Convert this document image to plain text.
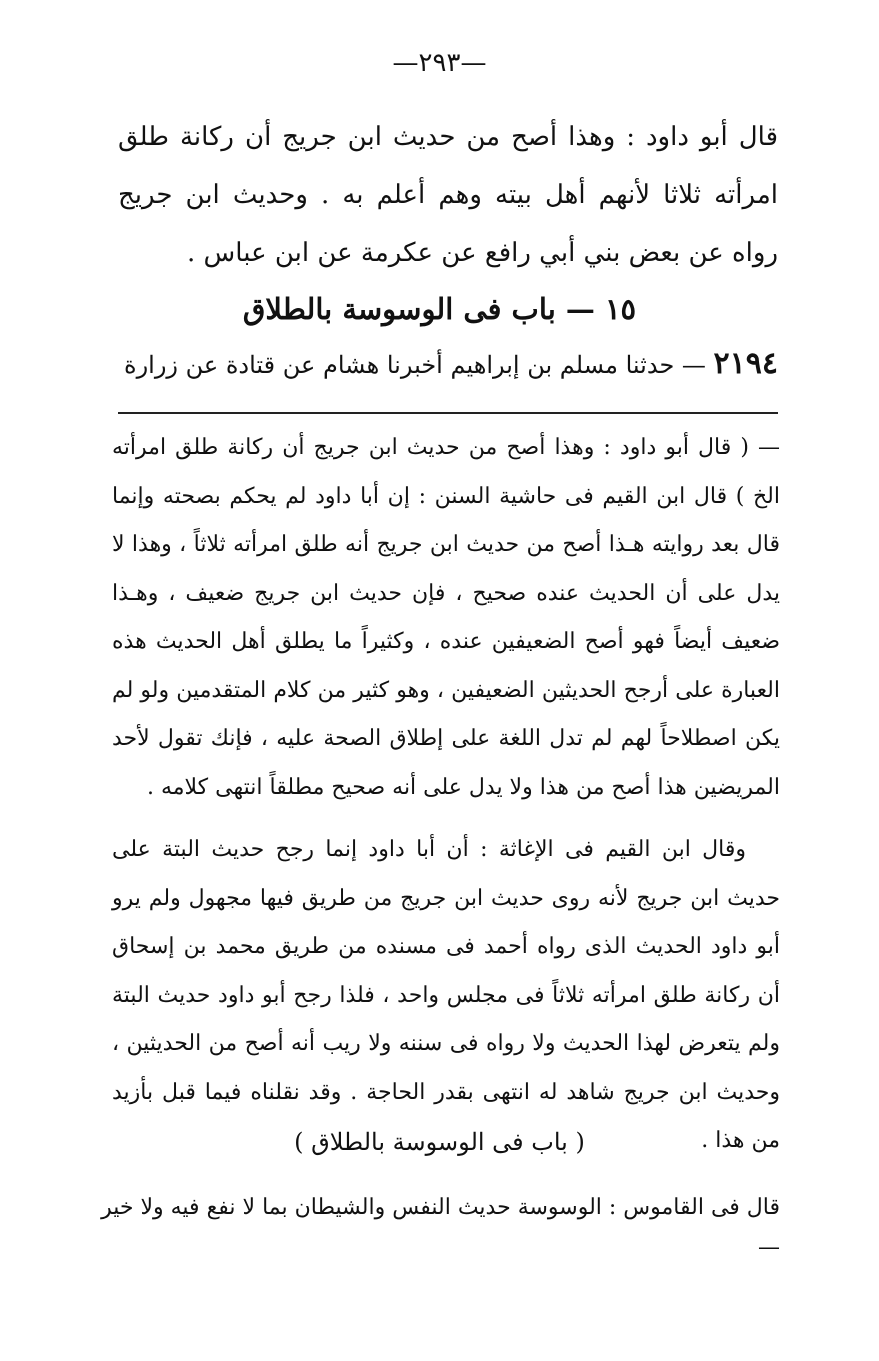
—٢٩٣—
قال أبو داود : وهذا أصح من حديث ابن جريج أن ركانة طلق امرأته ثلاثا لأنهم أهل بيته وهم أعلم به . وحديث ابن جريج رواه عن بعض بني أبي رافع عن عكرمة عن ابن عباس .
١٥ — باب فى الوسوسة بالطلاق
٢١٩٤ — حدثنا مسلم بن إبراهيم أخبرنا هشام عن قتادة عن زرارة

— ( قال أبو داود : وهذا أصح من حديث ابن جريج أن ركانة طلق امرأته الخ ) قال ابن القيم فى حاشية السنن : إن أبا داود لم يحكم بصحته وإنما قال بعد روايته هـذا أصح من حديث ابن جريج أنه طلق امرأته ثلاثاً ، وهذا لا يدل على أن الحديث عنده صحيح ، فإن حديث ابن جريج ضعيف ، وهـذا ضعيف أيضاً فهو أصح الضعيفين عنده ، وكثيراً ما يطلق أهل الحديث هذه العبارة على أرجح الحديثين الضعيفين ، وهو كثير من كلام المتقدمين ولو لم يكن اصطلاحاً لهم لم تدل اللغة على إطلاق الصحة عليه ، فإنك تقول لأحد المريضين هذا أصح من هذا ولا يدل على أنه صحيح مطلقاً انتهى كلامه .

وقال ابن القيم فى الإغاثة : أن أبا داود إنما رجح حديث البتة على حديث ابن جريج لأنه روى حديث ابن جريج من طريق فيها مجهول ولم يرو أبو داود الحديث الذى رواه أحمد فى مسنده من طريق محمد بن إسحاق أن ركانة طلق امرأته ثلاثاً فى مجلس واحد ، فلذا رجح أبو داود حديث البتة ولم يتعرض لهذا الحديث ولا رواه فى سننه ولا ريب أنه أصح من الحديثين ، وحديث ابن جريج شاهد له انتهى بقدر الحاجة . وقد نقلناه فيما قبل بأزيد من هذا .

( باب فى الوسوسة بالطلاق )
قال فى القاموس : الوسوسة حديث النفس والشيطان بما لا نفع فيه ولا خير —
